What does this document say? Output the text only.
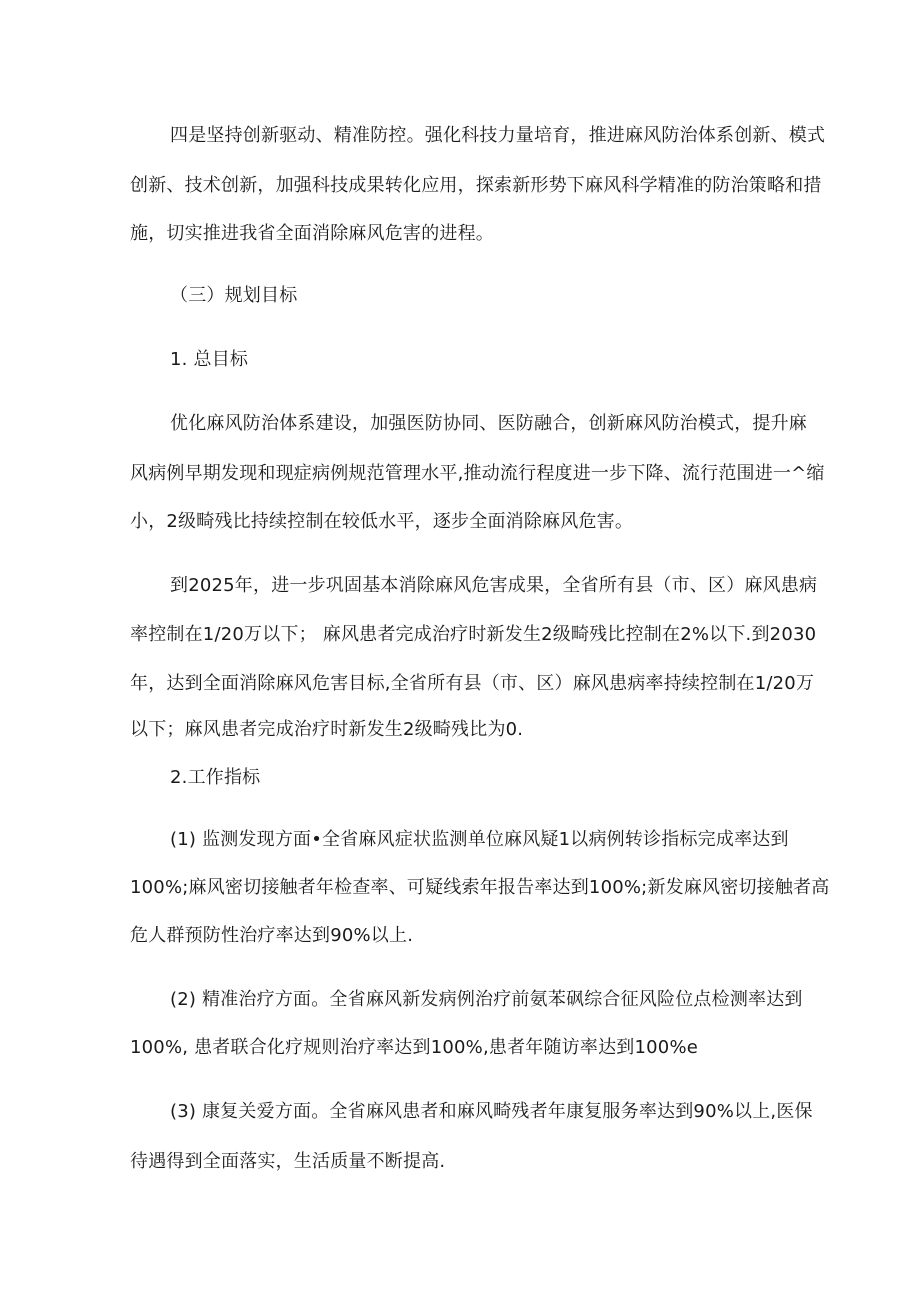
四是坚持创新驱动、精准防控。强化科技力量培育，推进麻风防治体系创新、模式
创新、技术创新，加强科技成果转化应用，探索新形势下麻风科学精准的防治策略和措
施，切实推进我省全面消除麻风危害的进程。
（三）规划目标
1. 总目标
优化麻风防治体系建设，加强医防协同、医防融合，创新麻风防治模式，提升麻
风病例早期发现和现症病例规范管理水平,推动流行程度进一步下降、流行范围进一^缩
小，2级畸残比持续控制在较低水平，逐步全面消除麻风危害。
到2025年，进一步巩固基本消除麻风危害成果，全省所有县（市、区）麻风患病
率控制在1/20万以下； 麻风患者完成治疗时新发生2级畸残比控制在2%以下.到2030
年，达到全面消除麻风危害目标,全省所有县（市、区）麻风患病率持续控制在1/20万
以下；麻风患者完成治疗时新发生2级畸残比为0.
2.工作指标
(1) 监测发现方面•全省麻风症状监测单位麻风疑1以病例转诊指标完成率达到
100%;麻风密切接触者年检查率、可疑线索年报告率达到100%;新发麻风密切接触者高
危人群预防性治疗率达到90%以上.
(2) 精准治疗方面。全省麻风新发病例治疗前氨苯砜综合征风险位点检测率达到
100%, 患者联合化疗规则治疗率达到100%,患者年随访率达到100%e
(3) 康复关爱方面。全省麻风患者和麻风畸残者年康复服务率达到90%以上,医保
待遇得到全面落实，生活质量不断提高.
